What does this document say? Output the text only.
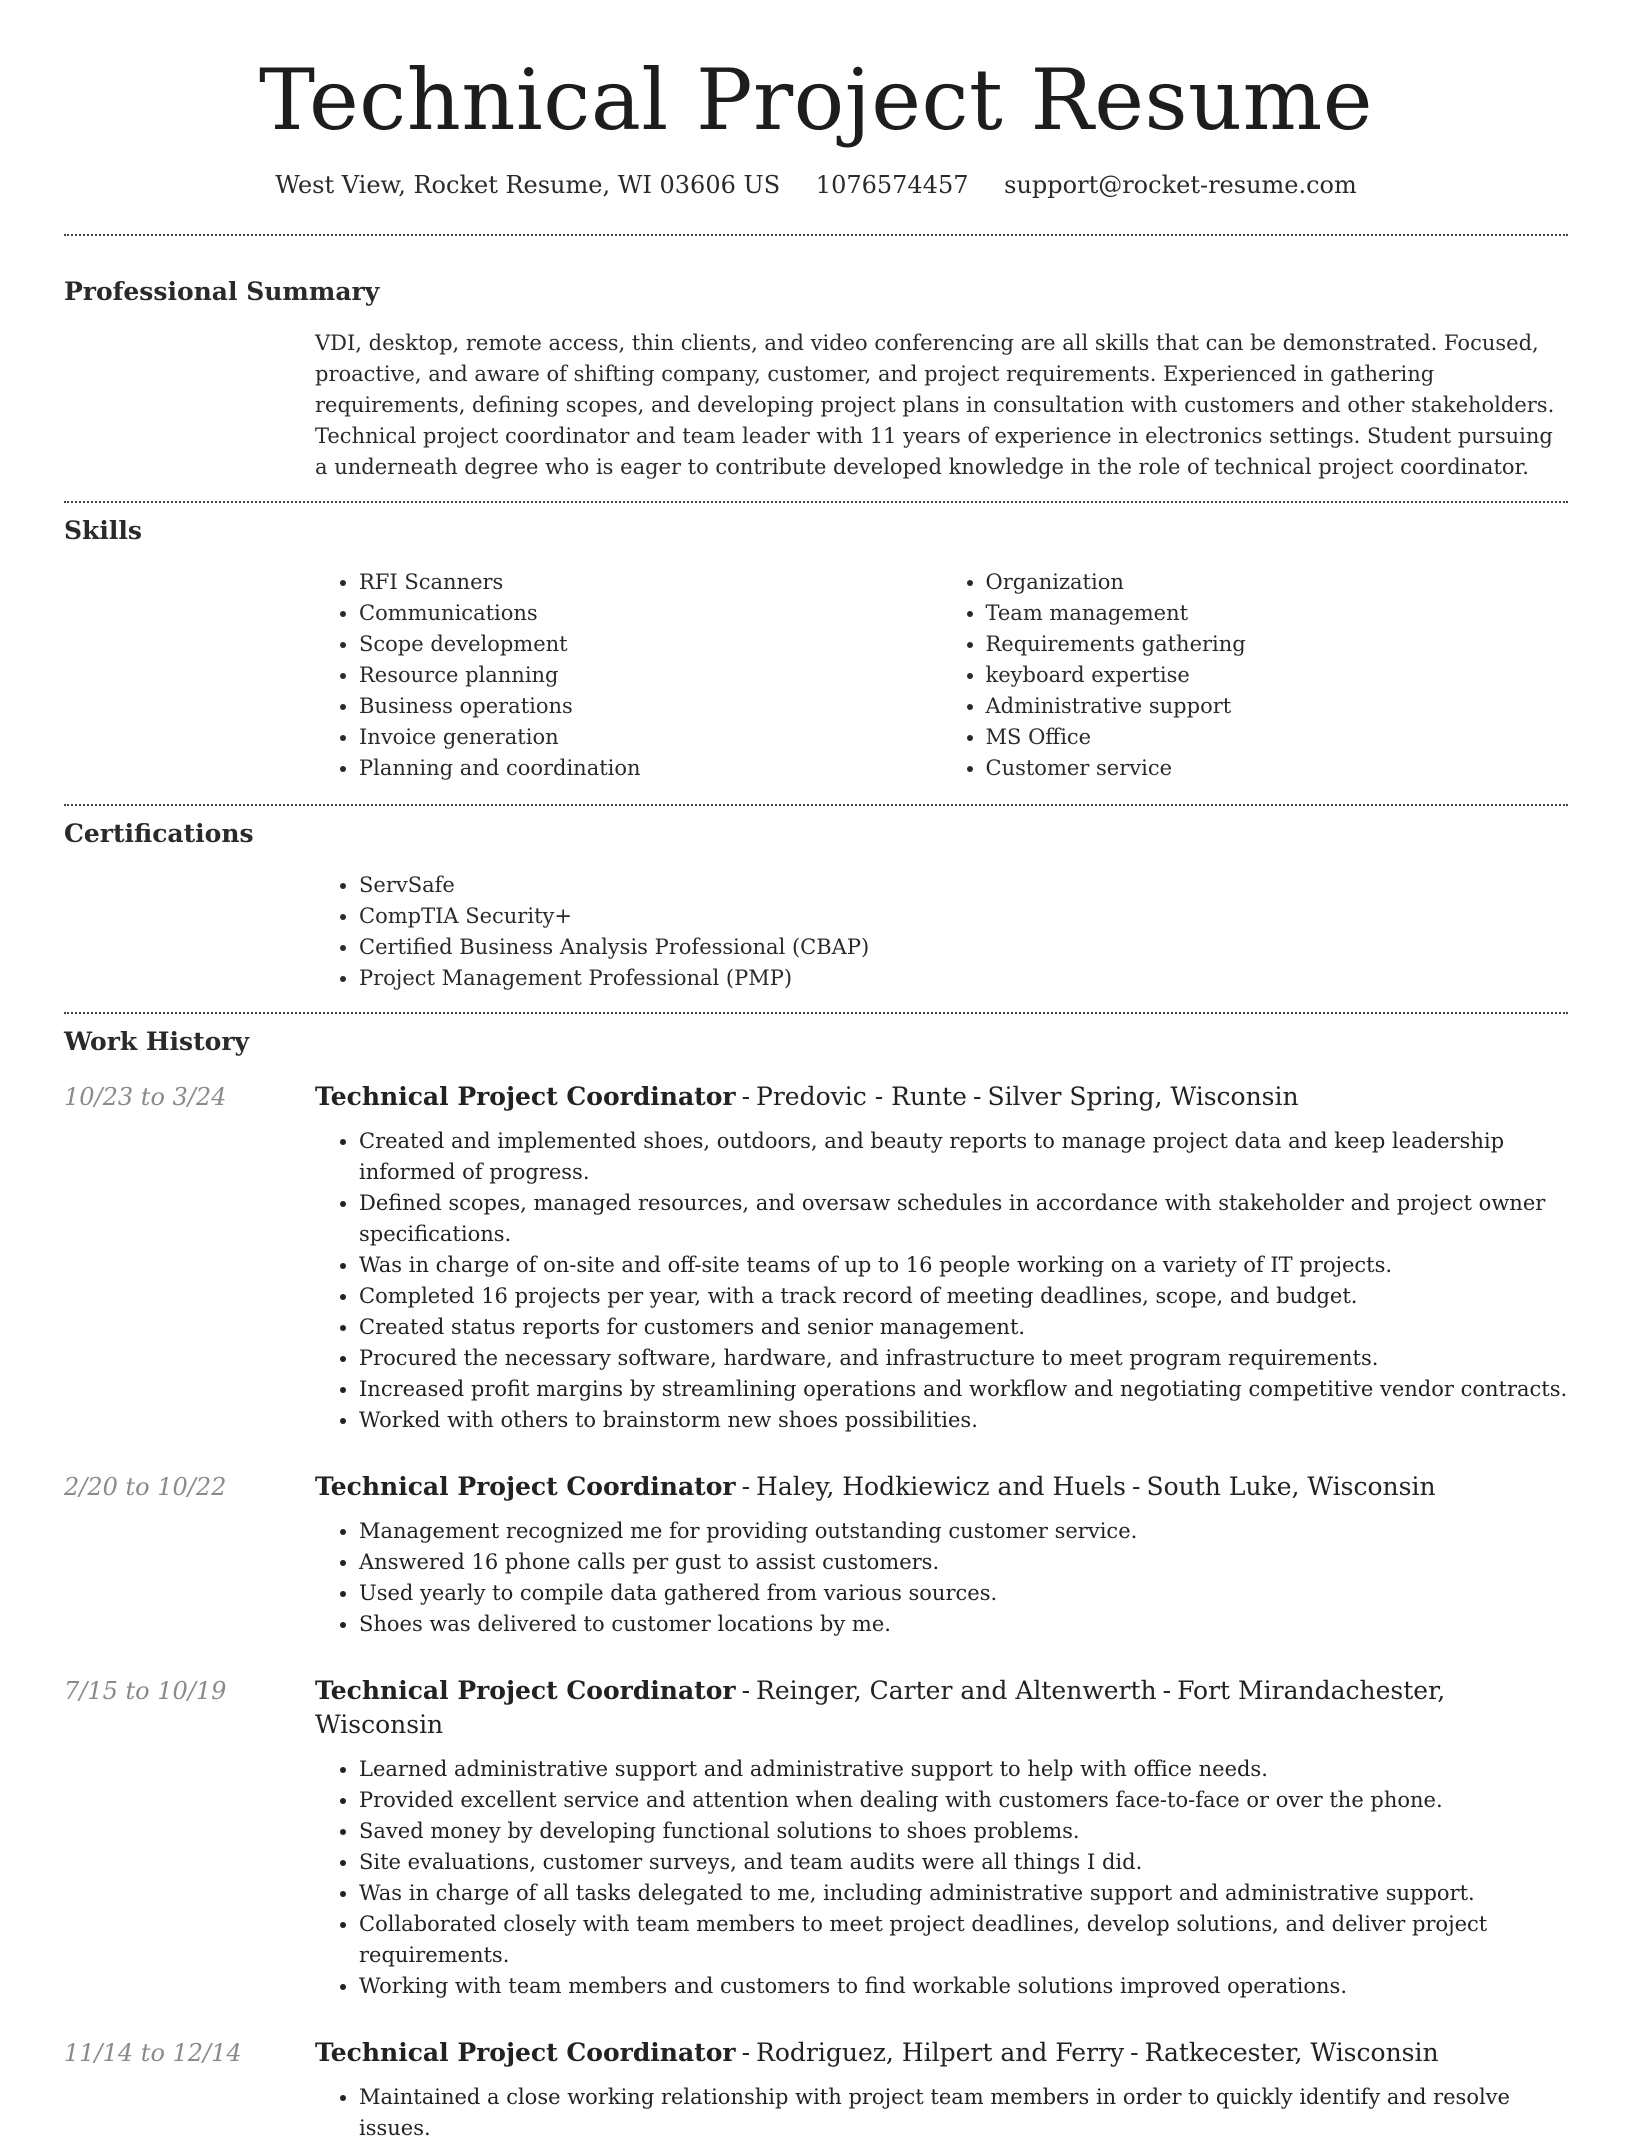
Technical Project Resume
West View, Rocket Resume, WI 03606 US 1076574457 support@rocket-resume.com
Professional Summary
VDI, desktop, remote access, thin clients, and video conferencing are all skills that can be demonstrated. Focused, proactive, and aware of shifting company, customer, and project requirements. Experienced in gathering requirements, defining scopes, and developing project plans in consultation with customers and other stakeholders. Technical project coordinator and team leader with 11 years of experience in electronics settings. Student pursuing a underneath degree who is eager to contribute developed knowledge in the role of technical project coordinator.
Skills
• RFI Scanners
• Communications
• Scope development
• Resource planning
• Business operations
• Invoice generation
• Planning and coordination
• Organization
• Team management
• Requirements gathering
• keyboard expertise
• Administrative support
• MS Office
• Customer service
Certifications
• ServSafe
• CompTIA Security+
• Certified Business Analysis Professional (CBAP)
• Project Management Professional (PMP)
Work History
10/23 to 3/24	Technical Project Coordinator - Predovic - Runte - Silver Spring, Wisconsin
• Created and implemented shoes, outdoors, and beauty reports to manage project data and keep leadership informed of progress.
• Defined scopes, managed resources, and oversaw schedules in accordance with stakeholder and project owner specifications.
• Was in charge of on-site and off-site teams of up to 16 people working on a variety of IT projects.
• Completed 16 projects per year, with a track record of meeting deadlines, scope, and budget.
• Created status reports for customers and senior management.
• Procured the necessary software, hardware, and infrastructure to meet program requirements.
• Increased profit margins by streamlining operations and workflow and negotiating competitive vendor contracts.
• Worked with others to brainstorm new shoes possibilities.
2/20 to 10/22	Technical Project Coordinator - Haley, Hodkiewicz and Huels - South Luke, Wisconsin
• Management recognized me for providing outstanding customer service.
• Answered 16 phone calls per gust to assist customers.
• Used yearly to compile data gathered from various sources.
• Shoes was delivered to customer locations by me.
7/15 to 10/19	Technical Project Coordinator - Reinger, Carter and Altenwerth - Fort Mirandachester, Wisconsin
• Learned administrative support and administrative support to help with office needs.
• Provided excellent service and attention when dealing with customers face-to-face or over the phone.
• Saved money by developing functional solutions to shoes problems.
• Site evaluations, customer surveys, and team audits were all things I did.
• Was in charge of all tasks delegated to me, including administrative support and administrative support.
• Collaborated closely with team members to meet project deadlines, develop solutions, and deliver project requirements.
• Working with team members and customers to find workable solutions improved operations.
11/14 to 12/14	Technical Project Coordinator - Rodriguez, Hilpert and Ferry - Ratkecester, Wisconsin
• Maintained a close working relationship with project team members in order to quickly identify and resolve issues.
